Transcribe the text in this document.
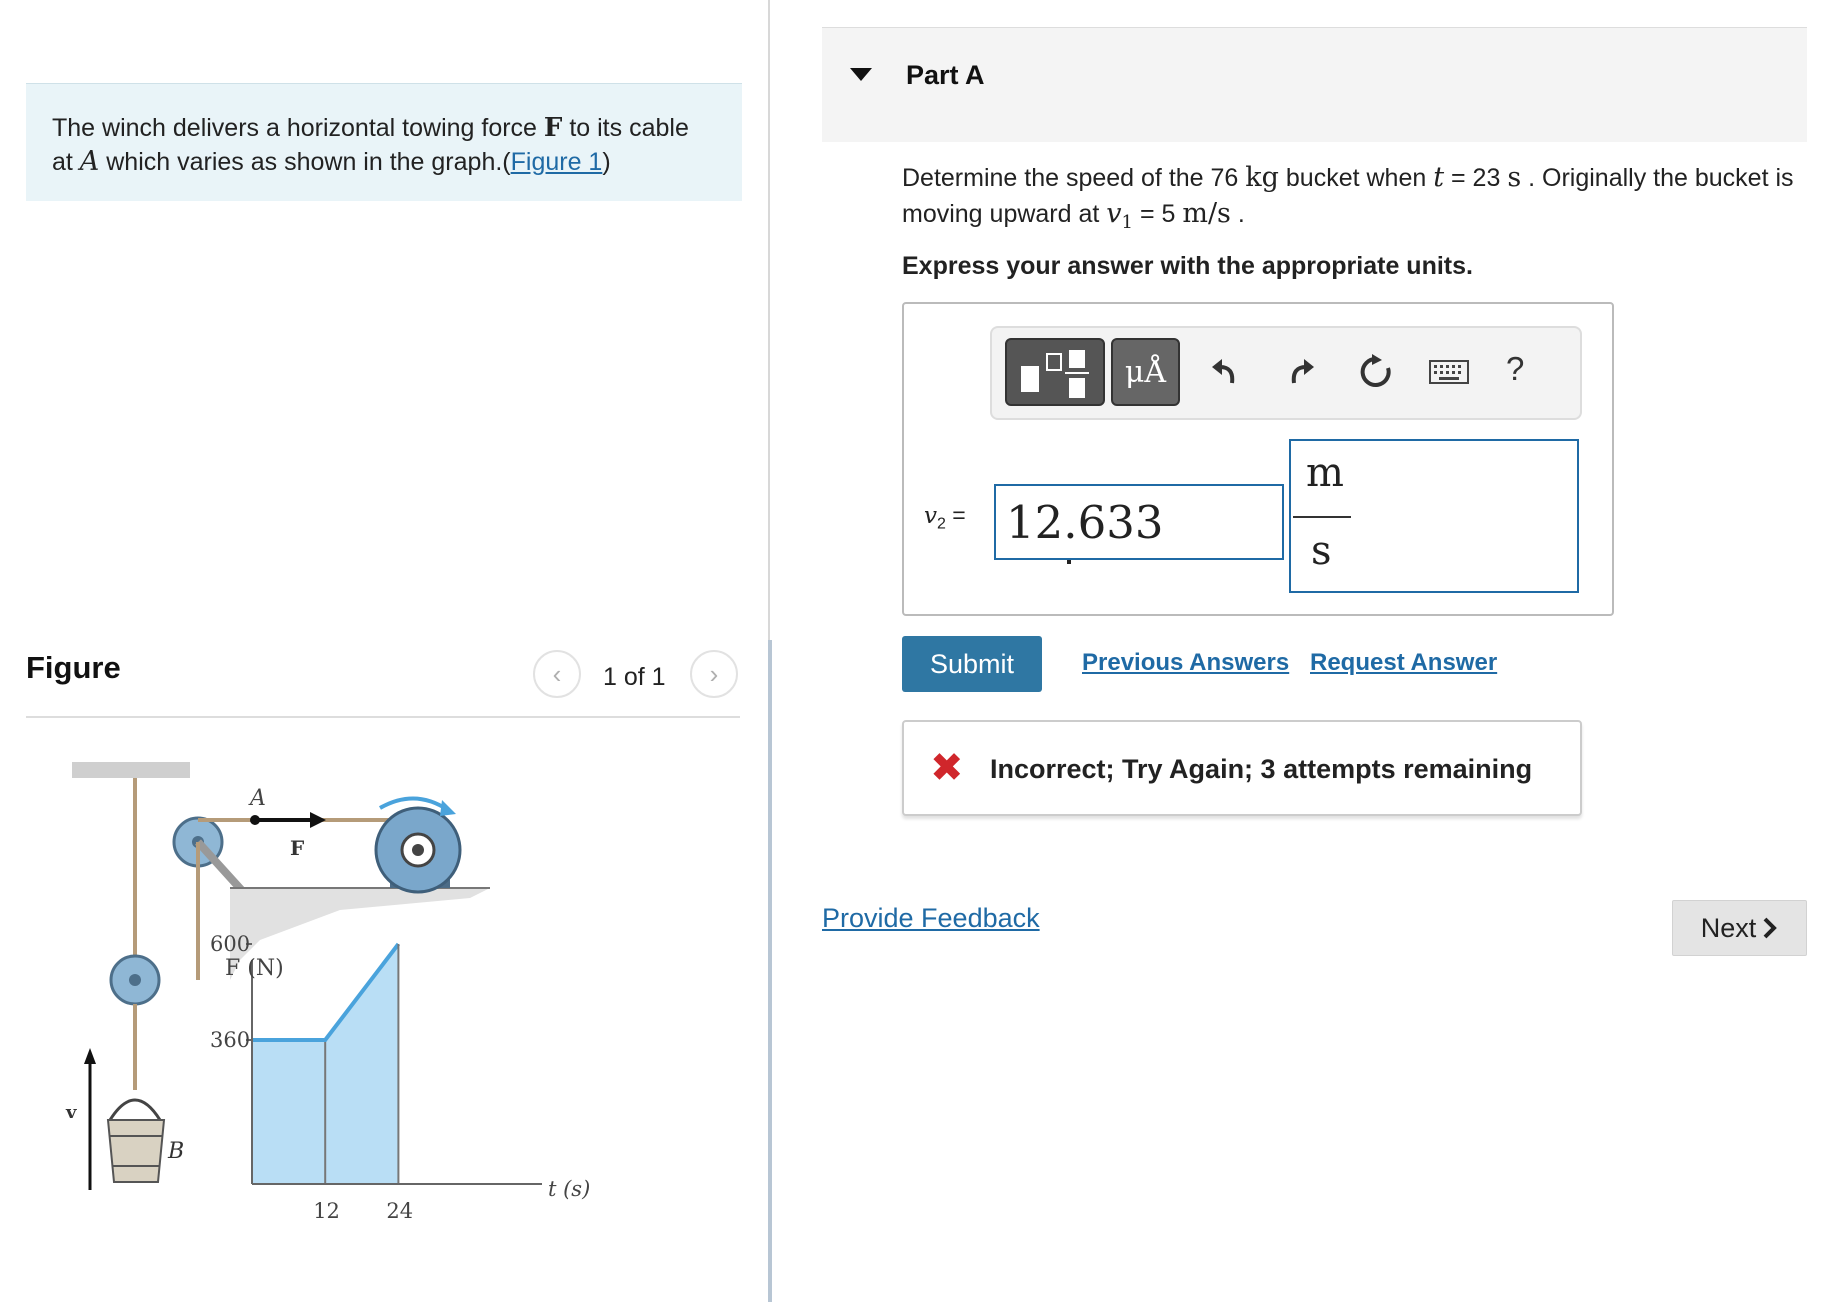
The winch delivers a horizontal towing force F to its cable at A which varies as shown in the graph.(Figure 1)
Figure	‹ 1 of 1 ›
A
F
B
v
F (N)
600
360
12 24
t (s)
Part A
Determine the speed of the 76 kg bucket when t = 23 s . Originally the bucket is moving upward at $v_1 = 5$ m/s .
Express your answer with the appropriate units.
μÅ	?
$v_2 = 12.633$
m
s
Submit	Previous Answers Request Answer
✖ Incorrect; Try Again; 3 attempts remaining
Provide Feedback	Next
